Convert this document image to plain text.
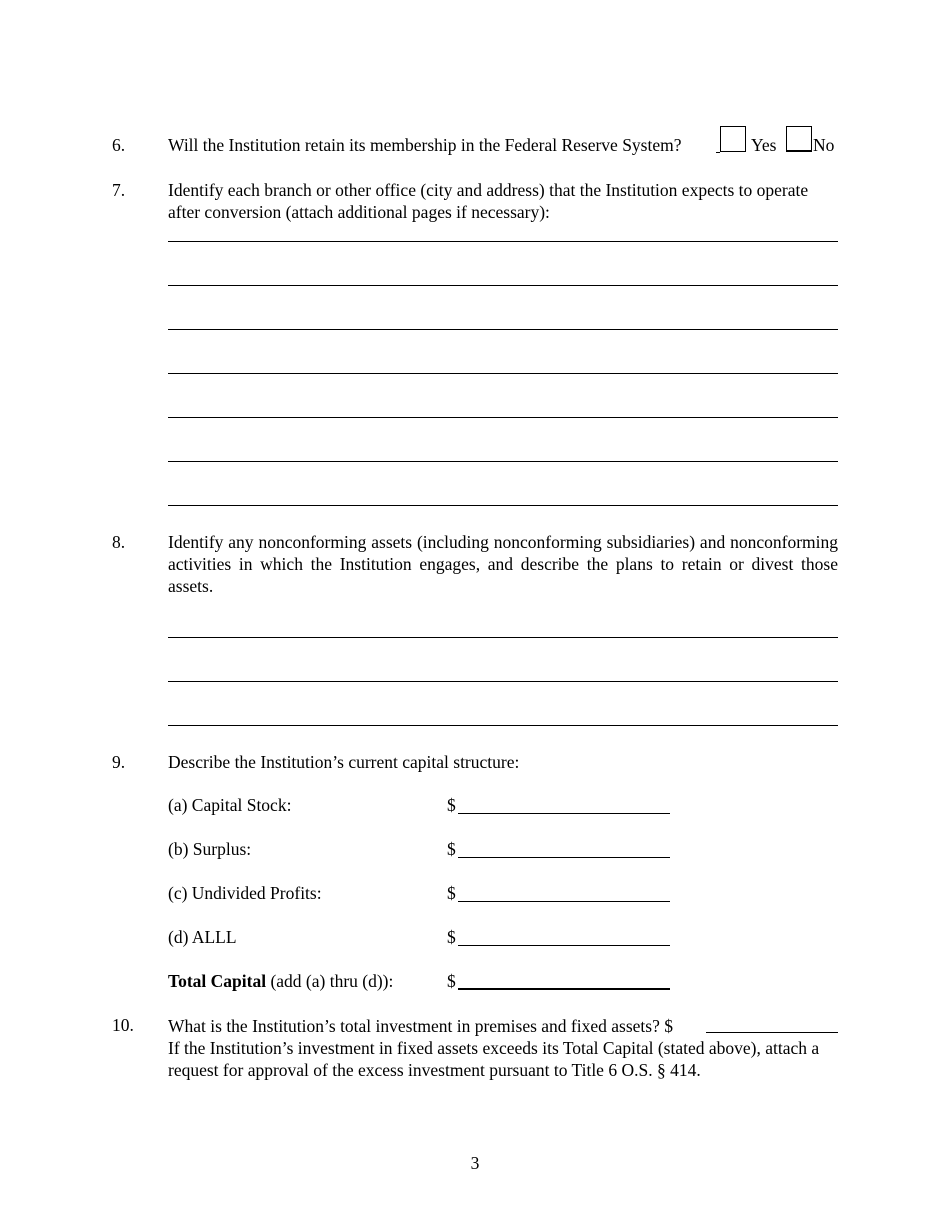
6. Will the Institution retain its membership in the Federal Reserve System?	Yes No
7. Identify each branch or other office (city and address) that the Institution expects to operate
after conversion (attach additional pages if necessary):
8. Identify any nonconforming assets (including nonconforming subsidiaries) and nonconforming activities in which the Institution engages, and describe the plans to retain or divest those assets.
9. Describe the Institution’s current capital structure:
(a) Capital Stock:	$
(b) Surplus:	$
(c) Undivided Profits:	$
(d) ALLL	$
Total Capital (add (a) thru (d)):	$
10. What is the Institution’s total investment in premises and fixed assets? $
If the Institution’s investment in fixed assets exceeds its Total Capital (stated above), attach a
request for approval of the excess investment pursuant to Title 6 O.S. § 414.
3
